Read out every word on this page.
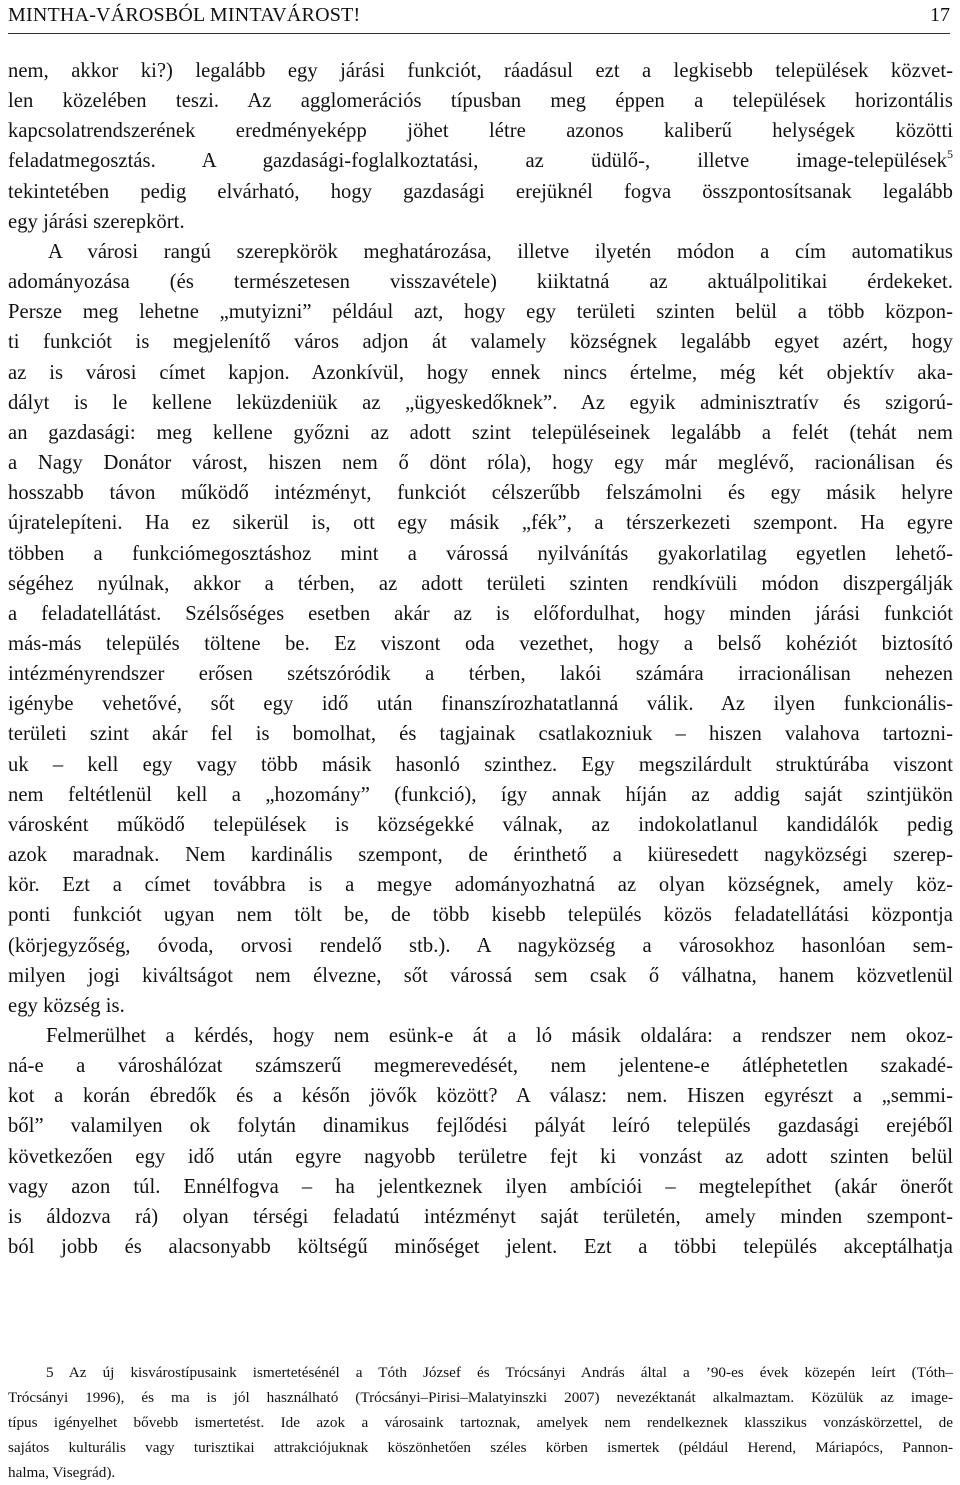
MINTHA-VÁROSBÓL MINTAVÁROST!	17
nem, akkor ki?) legalább egy járási funkciót, ráadásul ezt a legkisebb települések közvet-
len közelében teszi. Az agglomerációs típusban meg éppen a települések horizontális
kapcsolatrendszerének eredményeképp jöhet létre azonos kaliberű helységek közötti
feladatmegosztás. A gazdasági-foglalkoztatási, az üdülő-, illetve image-települések$^5$
tekintetében pedig elvárható, hogy gazdasági erejüknél fogva összpontosítsanak legalább
egy járási szerepkört.
A városi rangú szerepkörök meghatározása, illetve ilyetén módon a cím automatikus
adományozása (és természetesen visszavétele) kiiktatná az aktuálpolitikai érdekeket.
Persze meg lehetne „mutyizni” például azt, hogy egy területi szinten belül a több közpon-
ti funkciót is megjelenítő város adjon át valamely községnek legalább egyet azért, hogy
az is városi címet kapjon. Azonkívül, hogy ennek nincs értelme, még két objektív aka-
dályt is le kellene leküzdeniük az „ügyeskedőknek”. Az egyik adminisztratív és szigorú-
an gazdasági: meg kellene győzni az adott szint településeinek legalább a felét (tehát nem
a Nagy Donátor várost, hiszen nem ő dönt róla), hogy egy már meglévő, racionálisan és
hosszabb távon működő intézményt, funkciót célszerűbb felszámolni és egy másik helyre
újratelepíteni. Ha ez sikerül is, ott egy másik „fék”, a térszerkezeti szempont. Ha egyre
többen a funkciómegosztáshoz mint a várossá nyilvánítás gyakorlatilag egyetlen lehető-
ségéhez nyúlnak, akkor a térben, az adott területi szinten rendkívüli módon diszpergálják
a feladatellátást. Szélsőséges esetben akár az is előfordulhat, hogy minden járási funkciót
más-más település töltene be. Ez viszont oda vezethet, hogy a belső kohéziót biztosító
intézményrendszer erősen szétszóródik a térben, lakói számára irracionálisan nehezen
igénybe vehetővé, sőt egy idő után finanszírozhatatlanná válik. Az ilyen funkcionális-
területi szint akár fel is bomolhat, és tagjainak csatlakozniuk – hiszen valahova tartozni-
uk – kell egy vagy több másik hasonló szinthez. Egy megszilárdult struktúrába viszont
nem feltétlenül kell a „hozomány” (funkció), így annak híján az addig saját szintjükön
városként működő települések is községekké válnak, az indokolatlanul kandidálók pedig
azok maradnak. Nem kardinális szempont, de érinthető a kiüresedett nagyközségi szerep-
kör. Ezt a címet továbbra is a megye adományozhatná az olyan községnek, amely köz-
ponti funkciót ugyan nem tölt be, de több kisebb település közös feladatellátási központja
(körjegyzőség, óvoda, orvosi rendelő stb.). A nagyközség a városokhoz hasonlóan sem-
milyen jogi kiváltságot nem élvezne, sőt várossá sem csak ő válhatna, hanem közvetlenül
egy község is.
Felmerülhet a kérdés, hogy nem esünk-e át a ló másik oldalára: a rendszer nem okoz-
ná-e a városhálózat számszerű megmerevedését, nem jelentene-e átléphetetlen szakadé-
kot a korán ébredők és a későn jövők között? A válasz: nem. Hiszen egyrészt a „semmi-
ből” valamilyen ok folytán dinamikus fejlődési pályát leíró település gazdasági erejéből
következően egy idő után egyre nagyobb területre fejt ki vonzást az adott szinten belül
vagy azon túl. Ennélfogva – ha jelentkeznek ilyen ambíciói – megtelepíthet (akár önerőt
is áldozva rá) olyan térségi feladatú intézményt saját területén, amely minden szempont-
ból jobb és alacsonyabb költségű minőséget jelent. Ezt a többi település akceptálhatja
5 Az új kisvárostípusaink ismertetésénél a Tóth József és Trócsányi András által a ’90-es évek közepén leírt (Tóth–
Trócsányi 1996), és ma is jól használható (Trócsányi–Pirisi–Malatyinszki 2007) nevezéktanát alkalmaztam. Közülük az image-
típus igényelhet bővebb ismertetést. Ide azok a városaink tartoznak, amelyek nem rendelkeznek klasszikus vonzáskörzettel, de
sajátos kulturális vagy turisztikai attrakciójuknak köszönhetően széles körben ismertek (például Herend, Máriapócs, Pannon-
halma, Visegrád).
